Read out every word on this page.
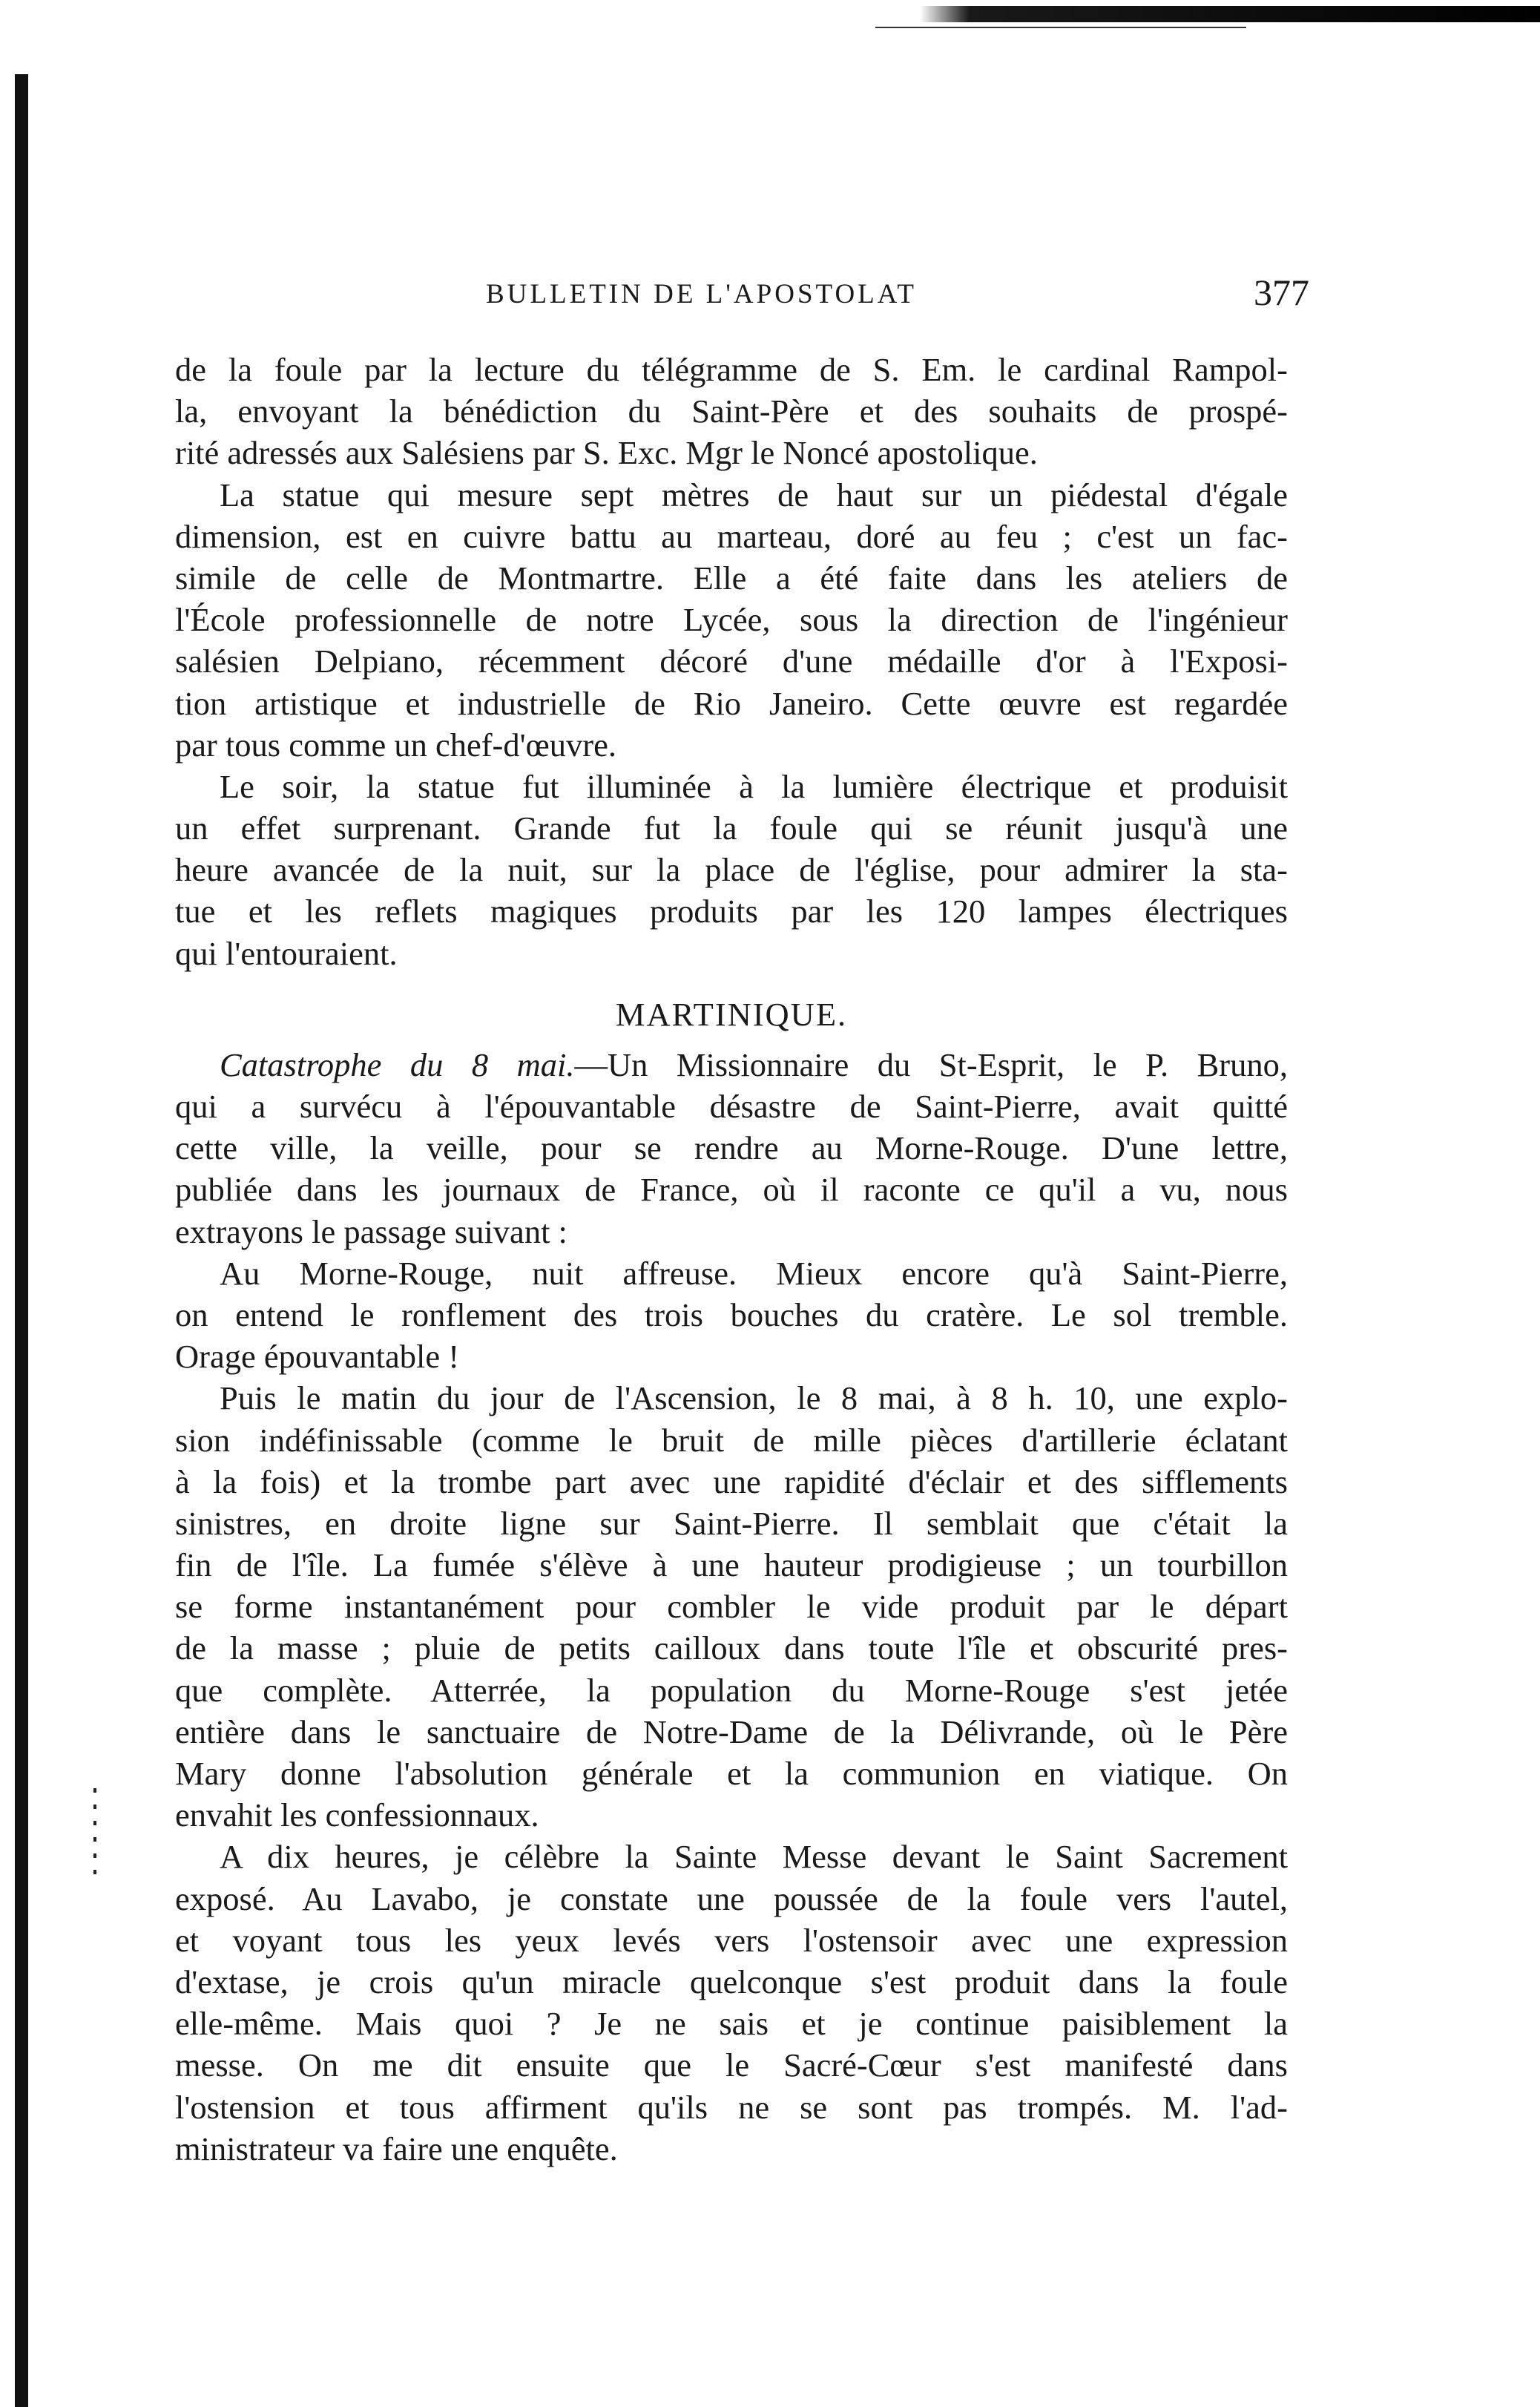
BULLETIN DE L'APOSTOLAT	377
de la foule par la lecture du télégramme de S. Em. le cardinal Rampol-
la, envoyant la bénédiction du Saint-Père et des souhaits de prospé-
rité adressés aux Salésiens par S. Exc. Mgr le Noncé apostolique.
La statue qui mesure sept mètres de haut sur un piédestal d'égale
dimension, est en cuivre battu au marteau, doré au feu ; c'est un fac-
simile de celle de Montmartre. Elle a été faite dans les ateliers de
l'École professionnelle de notre Lycée, sous la direction de l'ingénieur
salésien Delpiano, récemment décoré d'une médaille d'or à l'Exposi-
tion artistique et industrielle de Rio Janeiro. Cette œuvre est regardée
par tous comme un chef-d'œuvre.
Le soir, la statue fut illuminée à la lumière électrique et produisit
un effet surprenant. Grande fut la foule qui se réunit jusqu'à une
heure avancée de la nuit, sur la place de l'église, pour admirer la sta-
tue et les reflets magiques produits par les 120 lampes électriques
qui l'entouraient.
MARTINIQUE.
Catastrophe du 8 mai.—Un Missionnaire du St-Esprit, le P. Bruno,
qui a survécu à l'épouvantable désastre de Saint-Pierre, avait quitté
cette ville, la veille, pour se rendre au Morne-Rouge. D'une lettre,
publiée dans les journaux de France, où il raconte ce qu'il a vu, nous
extrayons le passage suivant :
Au Morne-Rouge, nuit affreuse. Mieux encore qu'à Saint-Pierre,
on entend le ronflement des trois bouches du cratère. Le sol tremble.
Orage épouvantable !
Puis le matin du jour de l'Ascension, le 8 mai, à 8 h. 10, une explo-
sion indéfinissable (comme le bruit de mille pièces d'artillerie éclatant
à la fois) et la trombe part avec une rapidité d'éclair et des sifflements
sinistres, en droite ligne sur Saint-Pierre. Il semblait que c'était la
fin de l'île. La fumée s'élève à une hauteur prodigieuse ; un tourbillon
se forme instantanément pour combler le vide produit par le départ
de la masse ; pluie de petits cailloux dans toute l'île et obscurité pres-
que complète. Atterrée, la population du Morne-Rouge s'est jetée
entière dans le sanctuaire de Notre-Dame de la Délivrande, où le Père
Mary donne l'absolution générale et la communion en viatique. On
envahit les confessionnaux.
A dix heures, je célèbre la Sainte Messe devant le Saint Sacrement
exposé. Au Lavabo, je constate une poussée de la foule vers l'autel,
et voyant tous les yeux levés vers l'ostensoir avec une expression
d'extase, je crois qu'un miracle quelconque s'est produit dans la foule
elle-même. Mais quoi ? Je ne sais et je continue paisiblement la
messe. On me dit ensuite que le Sacré-Cœur s'est manifesté dans
l'ostension et tous affirment qu'ils ne se sont pas trompés. M. l'ad-
ministrateur va faire une enquête.
